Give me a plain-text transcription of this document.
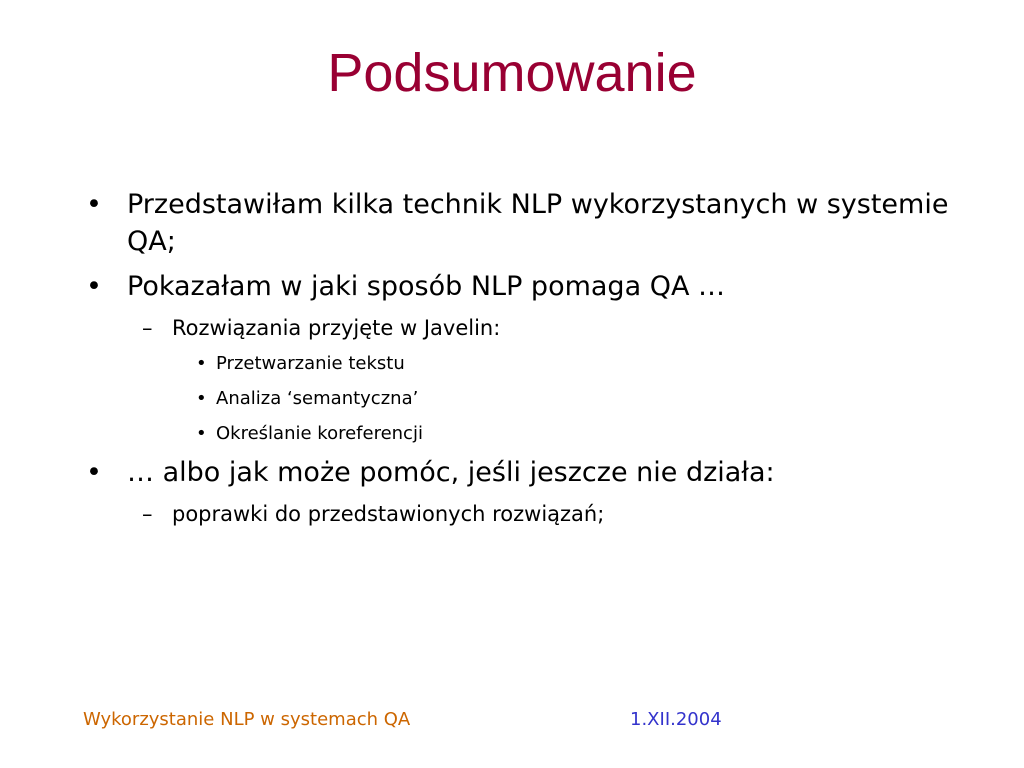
Podsumowanie
• Przedstawiłam kilka technik NLP wykorzystanych w systemie QA;
• Pokazałam w jaki sposób NLP pomaga QA …
– Rozwiązania przyjęte w Javelin:
• Przetwarzanie tekstu
• Analiza ‘semantyczna’
• Określanie koreferencji
• … albo jak może pomóc, jeśli jeszcze nie działa:
– poprawki do przedstawionych rozwiązań;
Wykorzystanie NLP w systemach QA	1.XII.2004
